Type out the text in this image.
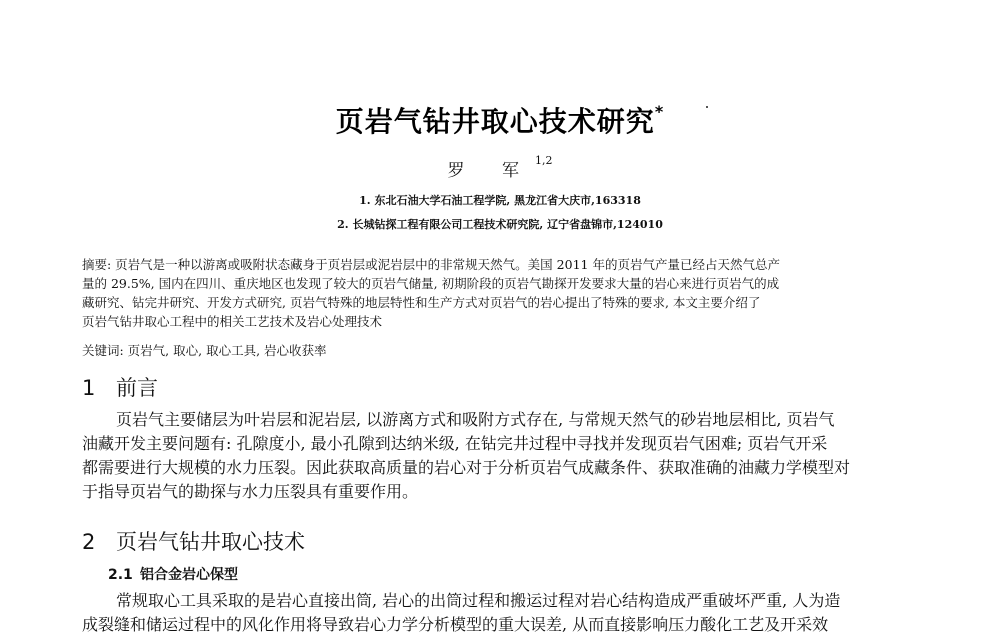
页岩气钻井取心技术研究*
罗 军$^{1,2}$
1. 东北石油大学石油工程学院, 黑龙江省大庆市,163318
2. 长城钻探工程有限公司工程技术研究院, 辽宁省盘锦市,124010
摘要: 页岩气是一种以游离或吸附状态藏身于页岩层或泥岩层中的非常规天然气。美国 2011 年的页岩气产量已经占天然气总产
量的 29.5%, 国内在四川、重庆地区也发现了较大的页岩气储量, 初期阶段的页岩气勘探开发要求大量的岩心来进行页岩气的成
藏研究、钻完井研究、开发方式研究, 页岩气特殊的地层特性和生产方式对页岩气的岩心提出了特殊的要求, 本文主要介绍了
页岩气钻井取心工程中的相关工艺技术及岩心处理技术
关键词: 页岩气, 取心, 取心工具, 岩心收获率
1 前言
页岩气主要储层为叶岩层和泥岩层, 以游离方式和吸附方式存在, 与常规天然气的砂岩地层相比, 页岩气
油藏开发主要问题有: 孔隙度小, 最小孔隙到达纳米级, 在钻完井过程中寻找并发现页岩气困难; 页岩气开采
都需要进行大规模的水力压裂。因此获取高质量的岩心对于分析页岩气成藏条件、获取准确的油藏力学模型对
于指导页岩气的勘探与水力压裂具有重要作用。
2 页岩气钻井取心技术
2.1 铝合金岩心保型
常规取心工具采取的是岩心直接出筒, 岩心的出筒过程和搬运过程对岩心结构造成严重破坏严重, 人为造
成裂缝和储运过程中的风化作用将导致岩心力学分析模型的重大误差, 从而直接影响压力酸化工艺及开采效
